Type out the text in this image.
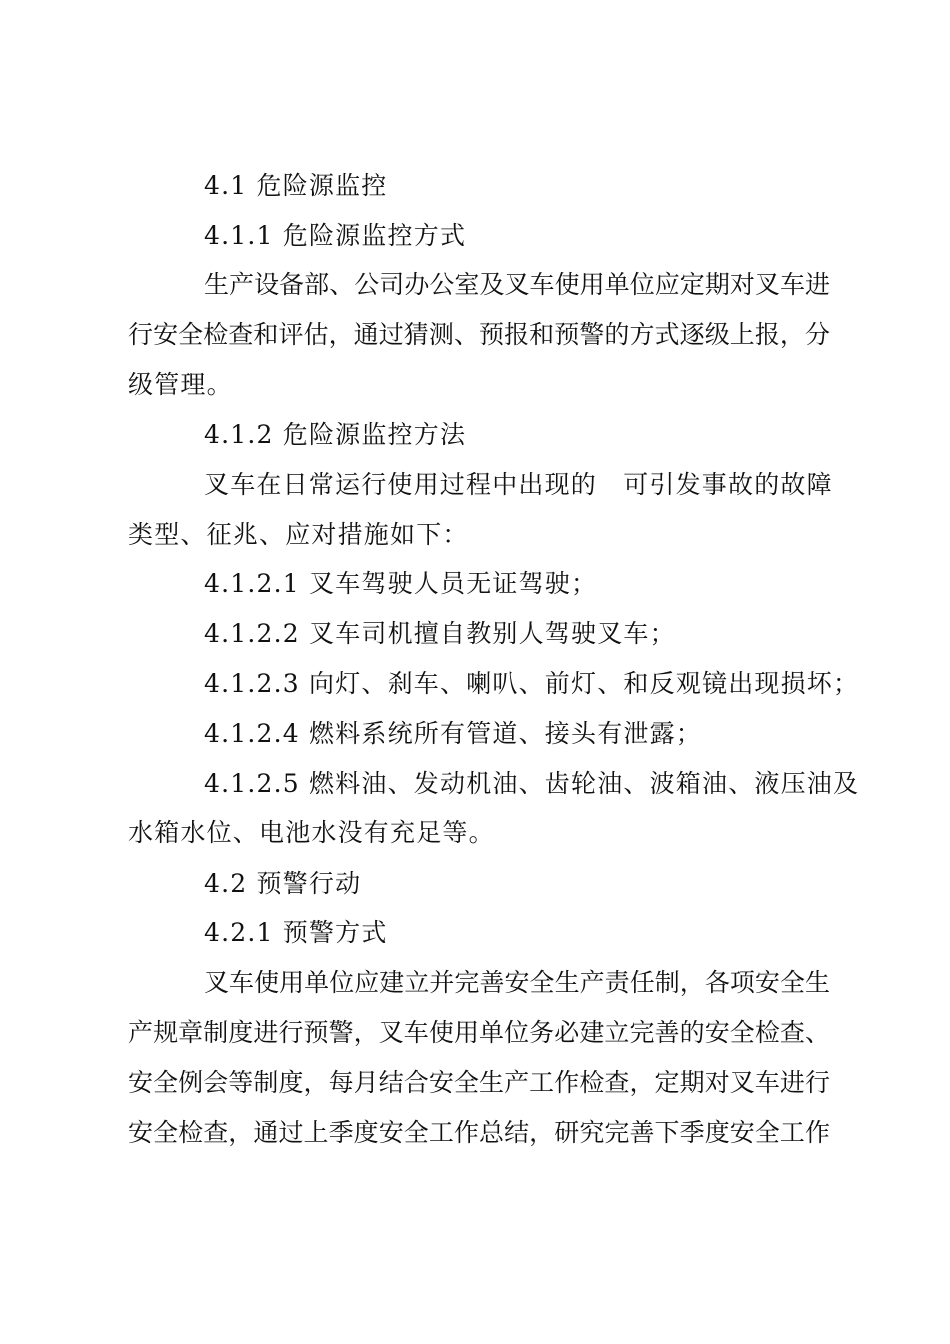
4.1 危险源监控
4.1.1 危险源监控方式
生产设备部、公司办公室及叉车使用单位应定期对叉车进
行安全检查和评估，通过猜测、预报和预警的方式逐级上报，分
级管理。
4.1.2 危险源监控方法
叉车在日常运行使用过程中出现的　可引发事故的故障
类型、征兆、应对措施如下：
4.1.2.1 叉车驾驶人员无证驾驶；
4.1.2.2 叉车司机擅自教别人驾驶叉车；
4.1.2.3 向灯、刹车、喇叭、前灯、和反观镜出现损坏；
4.1.2.4 燃料系统所有管道、接头有泄露；
4.1.2.5 燃料油、发动机油、齿轮油、波箱油、液压油及
水箱水位、电池水没有充足等。
4.2 预警行动
4.2.1 预警方式
叉车使用单位应建立并完善安全生产责任制，各项安全生
产规章制度进行预警，叉车使用单位务必建立完善的安全检查、
安全例会等制度，每月结合安全生产工作检查，定期对叉车进行
安全检查，通过上季度安全工作总结，研究完善下季度安全工作
